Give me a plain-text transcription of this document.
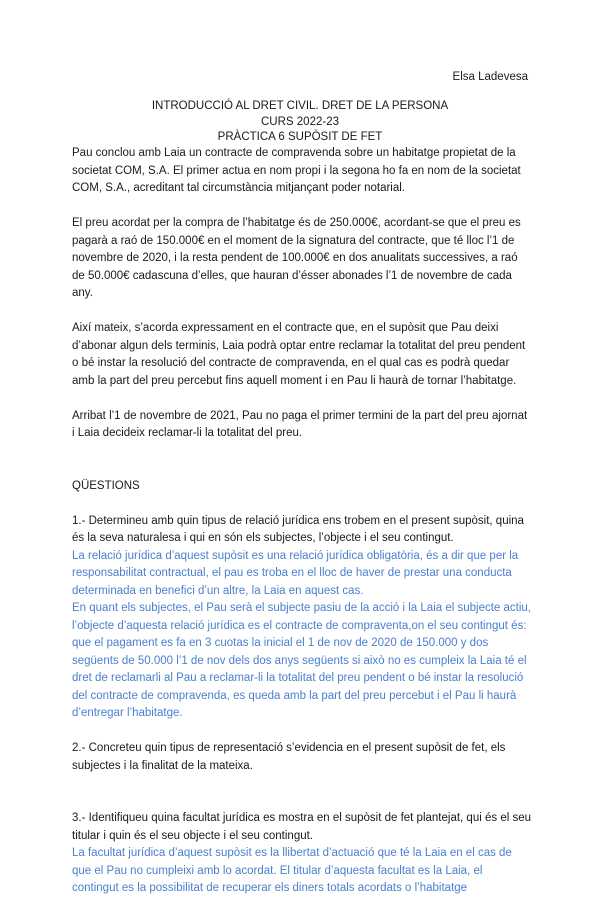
Elsa Ladevesa
INTRODUCCIÓ AL DRET CIVIL. DRET DE LA PERSONA
CURS 2022-23
PRÀCTICA 6 SUPÒSIT DE FET

Pau conclou amb Laia un contracte de compravenda sobre un habitatge propietat de la societat COM, S.A. El primer actua en nom propi i la segona ho fa en nom de la societat COM, S.A., acreditant tal circumstància mitjançant poder notarial.

El preu acordat per la compra de l’habitatge és de 250.000€, acordant-se que el preu es pagarà a raó de 150.000€ en el moment de la signatura del contracte, que té lloc l’1 de novembre de 2020, i la resta pendent de 100.000€ en dos anualitats successives, a raó de 50.000€ cadascuna d’elles, que hauran d’ésser abonades l’1 de novembre de cada any.

Així mateix, s’acorda expressament en el contracte que, en el supòsit que Pau deixi d’abonar algun dels terminis, Laia podrà optar entre reclamar la totalitat del preu pendent o bé instar la resolució del contracte de compravenda, en el qual cas es podrà quedar amb la part del preu percebut fins aquell moment i en Pau li haurà de tornar l’habitatge.

Arribat l’1 de novembre de 2021, Pau no paga el primer termini de la part del preu ajornat i Laia decideix reclamar-li la totalitat del preu.

QÜESTIONS

1.- Determineu amb quin tipus de relació jurídica ens trobem en el present supòsit, quina és la seva naturalesa i qui en són els subjectes, l’objecte i el seu contingut.

La relació jurídica d’aquest supòsit es una relació jurídica obligatòria, és a dir que per la responsabilitat contractual, el pau es troba en el lloc de haver de prestar una conducta determinada en benefici d’un altre, la Laia en aquest cas.

En quant els subjectes, el Pau serà el subjecte pasiu de la acció i la Laia el subjecte actiu, l’objecte d’aquesta relació jurídica es el contracte de compraventa,on el seu contingut és: que el pagament es fa en 3 cuotas la inicial el 1 de nov de 2020 de 150.000 y dos següents de 50.000 l’1 de nov dels dos anys següents si això no es cumpleix la Laia té el dret de reclamarli al Pau a reclamar-li la totalitat del preu pendent o bé instar la resolució del contracte de compravenda, es queda amb la part del preu percebut i el Pau li haurà d’entregar l’habitatge.

2.- Concreteu quin tipus de representació s’evidencia en el present supòsit de fet, els subjectes i la finalitat de la mateixa.

3.- Identifiqueu quina facultat jurídica es mostra en el supòsit de fet plantejat, qui és el seu titular i quin és el seu objecte i el seu contingut.

La facultat jurídica d’aquest supòsit es la llibertat d’actuació que té la Laia en el cas de que el Pau no cumpleixi amb lo acordat. El titular d’aquesta facultat es la Laia, el contingut es la possibilitat de recuperar els diners totals acordats o l’habitatge
